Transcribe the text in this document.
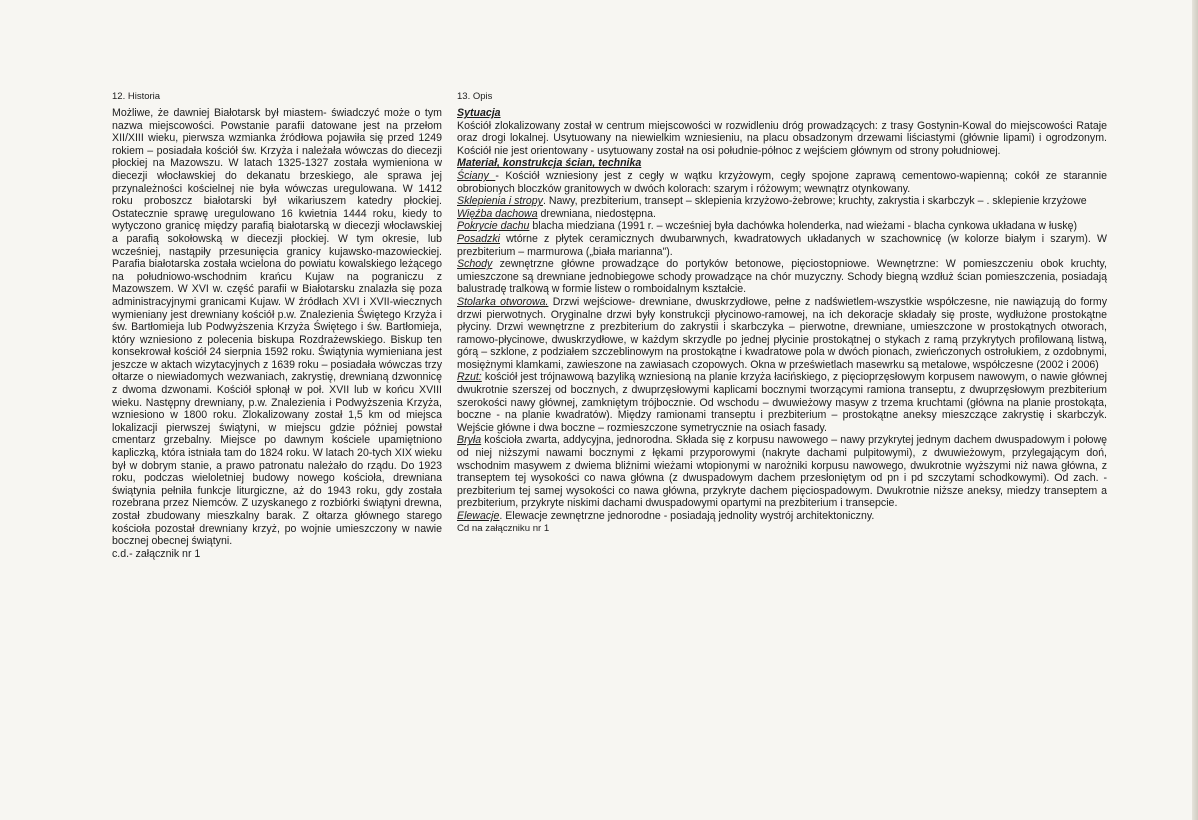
12. Historia

Możliwe, że dawniej Białotarsk był miastem- świadczyć może o tym nazwa miejscowości. Powstanie parafii datowane jest na przełom XII/XIII wieku, pierwsza wzmianka źródłowa pojawiła się przed 1249 rokiem – posiadała kościół św. Krzyża i należała wówczas do diecezji płockiej na Mazowszu. W latach 1325-1327 została wymieniona w diecezji włocławskiej do dekanatu brzeskiego, ale sprawa jej przynależności kościelnej nie była wówczas uregulowana. W 1412 roku proboszcz białotarski był wikariuszem katedry płockiej. Ostatecznie sprawę uregulowano 16 kwietnia 1444 roku, kiedy to wytyczono granicę między parafią białotarską w diecezji włocławskiej a parafią sokołowską w diecezji płockiej. W tym okresie, lub wcześniej, nastąpiły przesunięcia granicy kujawsko-mazowieckiej. Parafia białotarska została wcielona do powiatu kowalskiego leżącego na południowo-wschodnim krańcu Kujaw na pograniczu z Mazowszem. W XVI w. część parafii w Białotarsku znalazła się poza administracyjnymi granicami Kujaw. W źródłach XVI i XVII-wiecznych wymieniany jest drewniany kościół p.w. Znalezienia Świętego Krzyża i św. Bartłomieja lub Podwyższenia Krzyża Świętego i św. Bartłomieja, który wzniesiono z polecenia biskupa Rozdrażewskiego. Biskup ten konsekrował kościół 24 sierpnia 1592 roku. Świątynia wymieniana jest jeszcze w aktach wizytacyjnych z 1639 roku – posiadała wówczas trzy ołtarze o niewiadomych wezwaniach, zakrystię, drewnianą dzwonnicę z dwoma dzwonami. Kościół spłonął w poł. XVII lub w końcu XVIII wieku. Następny drewniany, p.w. Znalezienia i Podwyższenia Krzyża, wzniesiono w 1800 roku. Zlokalizowany został 1,5 km od miejsca lokalizacji pierwszej świątyni, w miejscu gdzie później powstał cmentarz grzebalny. Miejsce po dawnym kościele upamiętniono kapliczką, która istniała tam do 1824 roku. W latach 20-tych XIX wieku był w dobrym stanie, a prawo patronatu należało do rządu. Do 1923 roku, podczas wieloletniej budowy nowego kościoła, drewniana świątynia pełniła funkcje liturgiczne, aż do 1943 roku, gdy została rozebrana przez Niemców. Z uzyskanego z rozbiórki świątyni drewna, został zbudowany mieszkalny barak. Z ołtarza głównego starego kościoła pozostał drewniany krzyż, po wojnie umieszczony w nawie bocznej obecnej świątyni.

c.d.- załącznik nr 1
13. Opis
Sytuacja

Kościół zlokalizowany został w centrum miejscowości w rozwidleniu dróg prowadzących: z trasy Gostynin-Kowal do miejscowości Rataje oraz drogi lokalnej. Usytuowany na niewielkim wzniesieniu, na placu obsadzonym drzewami liściastymi (głównie lipami) i ogrodzonym. Kościół nie jest orientowany - usytuowany został na osi południe-północ z wejściem głównym od strony południowej.

Materiał, konstrukcja ścian, technika

Ściany - Kościół wzniesiony jest z cegły w wątku krzyżowym, cegły spojone zaprawą cementowo-wapienną; cokół ze starannie obrobionych bloczków granitowych w dwóch kolorach: szarym i różowym; wewnątrz otynkowany.

Sklepienia i stropy. Nawy, prezbiterium, transept – sklepienia krzyżowo-żebrowe; kruchty, zakrystia i skarbczyk – . sklepienie krzyżowe

Więźba dachowa drewniana, niedostępna.

Pokrycie dachu blacha miedziana (1991 r. – wcześniej była dachówka holenderka, nad wieżami - blacha cynkowa układana w łuskę)

Posadzki wtórne z płytek ceramicznych dwubarwnych, kwadratowych układanych w szachownicę (w kolorze białym i szarym). W prezbiterium – marmurowa („biała marianna").

Schody zewnętrzne główne prowadzące do portyków betonowe, pięciostopniowe. Wewnętrzne: W pomieszczeniu obok kruchty, umieszczone są drewniane jednobiegowe schody prowadzące na chór muzyczny. Schody biegną wzdłuż ścian pomieszczenia, posiadają balustradę tralkową w formie listew o romboidalnym kształcie.

Stolarka otworowa. Drzwi wejściowe- drewniane, dwuskrzydłowe, pełne z nadświetlem-wszystkie współczesne, nie nawiązują do formy drzwi pierwotnych. Oryginalne drzwi były konstrukcji płycinowo-ramowej, na ich dekoracje składały się proste, wydłużone prostokątne płyciny. Drzwi wewnętrzne z prezbiterium do zakrystii i skarbczyka – pierwotne, drewniane, umieszczone w prostokątnych otworach, ramowo-płycinowe, dwuskrzydłowe, w każdym skrzydle po jednej płycinie prostokątnej o stykach z ramą przykrytych profilowaną listwą, górą – szklone, z podziałem szczeblinowym na prostokątne i kwadratowe pola w dwóch pionach, zwieńczonych ostrołukiem, z ozdobnymi, mosiężnymi klamkami, zawieszone na zawiasach czopowych. Okna w prześwietlach masewrku są metalowe, współczesne (2002 i 2006)

Rzut: kościół jest trójnawową bazyliką wzniesioną na planie krzyża łacińskiego, z pięcioprzęsłowym korpusem nawowym, o nawie głównej dwukrotnie szerszej od bocznych, z dwuprzęsłowymi kaplicami bocznymi tworzącymi ramiona transeptu, z dwuprzęsłowym prezbiterium szerokości nawy głównej, zamkniętym trójbocznie. Od wschodu – dwuwieżowy masyw z trzema kruchtami (główna na planie prostokąta, boczne - na planie kwadratów). Między ramionami transeptu i prezbiterium – prostokątne aneksy mieszczące zakrystię i skarbczyk. Wejście główne i dwa boczne – rozmieszczone symetrycznie na osiach fasady.

Bryła kościoła zwarta, addycyjna, jednorodna. Składa się z korpusu nawowego – nawy przykrytej jednym dachem dwuspadowym i połowę od niej niższymi nawami bocznymi z łękami przyporowymi (nakryte dachami pulpitowymi), z dwuwieżowym, przylegającym doń, wschodnim masywem z dwiema bliźnimi wieżami wtopionymi w narożniki korpusu nawowego, dwukrotnie wyższymi niż nawa główna, z transeptem tej wysokości co nawa główna (z dwuspadowym dachem przesłoniętym od pn i pd szczytami schodkowymi). Od zach. - prezbiterium tej samej wysokości co nawa główna, przykryte dachem pięciospadowym. Dwukrotnie niższe aneksy, miedzy transeptem a prezbiterium, przykryte niskimi dachami dwuspadowymi opartymi na prezbiterium i transepcie.

Elewacje. Elewacje zewnętrzne jednorodne - posiadają jednolity wystrój architektoniczny.

Cd na załączniku nr 1
